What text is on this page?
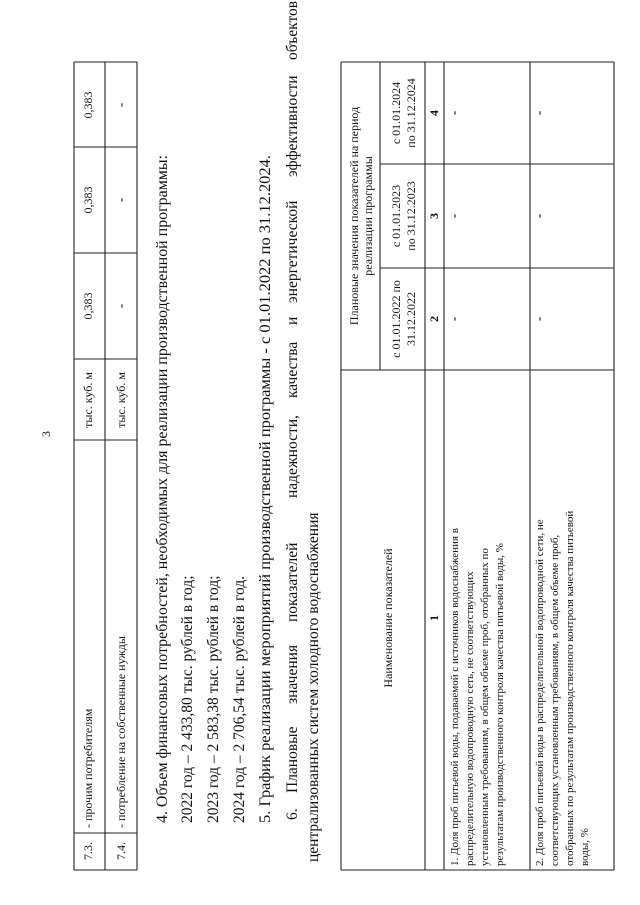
3
7.3.
- прочим потребителям
тыс. куб. м
0,383
0,383
0,383
7.4.
- потребление на собственные нужды
тыс. куб. м
-
-
-
4. Объем финансовых потребностей, необходимых для реализации производственной программы: 2022 год – 2 433,80 тыс. рублей в год; 2023 год – 2 583,38 тыс. рублей в год; 2024 год – 2 706,54 тыс. рублей в год. 5. График реализации мероприятий производственной программы - с 01.01.2022 по 31.12.2024. 6.
Плановые
значения
показателей
надежности,
качества
и
энергетической
эффективности
объектов
централизованных систем холодного водоснабжения	Наименование показателей
Плановые значения показателей на период реализации программы
с 01.01.2022 по 31.12.2022
с 01.01.2023 по 31.12.2023
с 01.01.2024 по 31.12.2024
1
2
3
4
1. Доля проб питьевой воды, подаваемой с источников водоснабжения в распределительную водопроводную сеть, не соответствующих установленным требованиям, в общем объеме проб, отобранных по результатам производственного контроля качества питьевой воды, %
-
-
-
2. Доля проб питьевой воды в распределительной водопроводной сети, не соответствующих установленным требованиям, в общем объеме проб, отобранных по результатам производственного контроля качества питьевой воды, %
-
-
-
